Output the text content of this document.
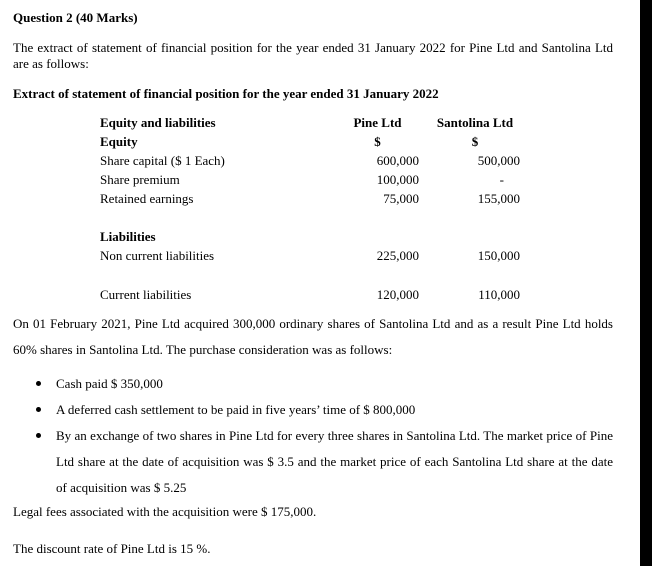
Question 2 (40 Marks)
The extract of statement of financial position for the year ended 31 January 2022 for Pine Ltd and Santolina Ltd are as follows:
Extract of statement of financial position for the year ended 31 January 2022
Equity and liabilities	Pine Ltd	Santolina Ltd
Equity	$	$
Share capital ($ 1 Each)	600,000	500,000
Share premium	100,000	-
Retained earnings	75,000	155,000
Liabilities
Non current liabilities	225,000	150,000
Current liabilities	120,000	110,000
On 01 February 2021, Pine Ltd acquired 300,000 ordinary shares of Santolina Ltd and as a result Pine Ltd holds 60% shares in Santolina Ltd. The purchase consideration was as follows:
Cash paid $ 350,000
A deferred cash settlement to be paid in five years’ time of $ 800,000
By an exchange of two shares in Pine Ltd for every three shares in Santolina Ltd. The market price of Pine Ltd share at the date of acquisition was $ 3.5 and the market price of each Santolina Ltd share at the date of acquisition was $ 5.25
Legal fees associated with the acquisition were $ 175,000.
The discount rate of Pine Ltd is 15 %.
